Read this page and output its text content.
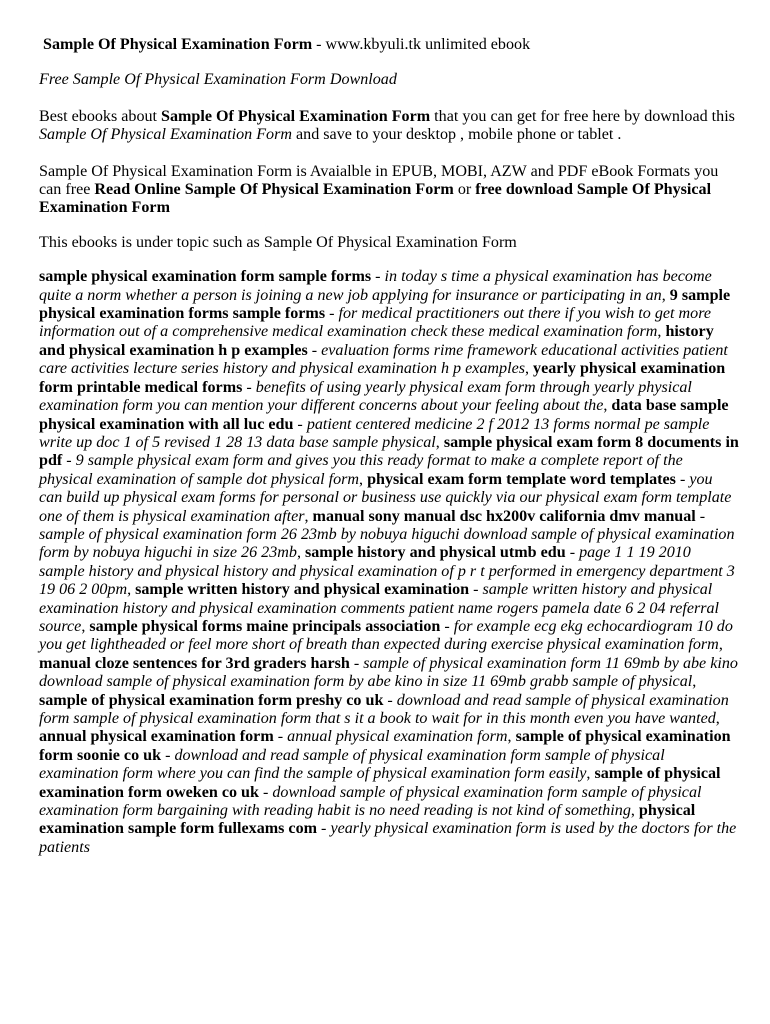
Sample Of Physical Examination Form - www.kbyuli.tk unlimited ebook
Free Sample Of Physical Examination Form Download
Best ebooks about Sample Of Physical Examination Form that you can get for free here by download this Sample Of Physical Examination Form and save to your desktop , mobile phone or tablet .
Sample Of Physical Examination Form is Avaialble in EPUB, MOBI, AZW and PDF eBook Formats you can free Read Online Sample Of Physical Examination Form or free download Sample Of Physical Examination Form
This ebooks is under topic such as Sample Of Physical Examination Form
sample physical examination form sample forms - in today s time a physical examination has become quite a norm whether a person is joining a new job applying for insurance or participating in an, 9 sample physical examination forms sample forms - for medical practitioners out there if you wish to get more information out of a comprehensive medical examination check these medical examination form, history and physical examination h p examples - evaluation forms rime framework educational activities patient care activities lecture series history and physical examination h p examples, yearly physical examination form printable medical forms - benefits of using yearly physical exam form through yearly physical examination form you can mention your different concerns about your feeling about the, data base sample physical examination with all luc edu - patient centered medicine 2 f 2012 13 forms normal pe sample write up doc 1 of 5 revised 1 28 13 data base sample physical, sample physical exam form 8 documents in pdf - 9 sample physical exam form and gives you this ready format to make a complete report of the physical examination of sample dot physical form, physical exam form template word templates - you can build up physical exam forms for personal or business use quickly via our physical exam form template one of them is physical examination after, manual sony manual dsc hx200v california dmv manual - sample of physical examination form 26 23mb by nobuya higuchi download sample of physical examination form by nobuya higuchi in size 26 23mb, sample history and physical utmb edu - page 1 1 19 2010 sample history and physical history and physical examination of p r t performed in emergency department 3 19 06 2 00pm, sample written history and physical examination - sample written history and physical examination history and physical examination comments patient name rogers pamela date 6 2 04 referral source, sample physical forms maine principals association - for example ecg ekg echocardiogram 10 do you get lightheaded or feel more short of breath than expected during exercise physical examination form, manual cloze sentences for 3rd graders harsh - sample of physical examination form 11 69mb by abe kino download sample of physical examination form by abe kino in size 11 69mb grabb sample of physical, sample of physical examination form preshy co uk - download and read sample of physical examination form sample of physical examination form that s it a book to wait for in this month even you have wanted, annual physical examination form - annual physical examination form, sample of physical examination form soonie co uk - download and read sample of physical examination form sample of physical examination form where you can find the sample of physical examination form easily, sample of physical examination form oweken co uk - download sample of physical examination form sample of physical examination form bargaining with reading habit is no need reading is not kind of something, physical examination sample form fullexams com - yearly physical examination form is used by the doctors for the patients
